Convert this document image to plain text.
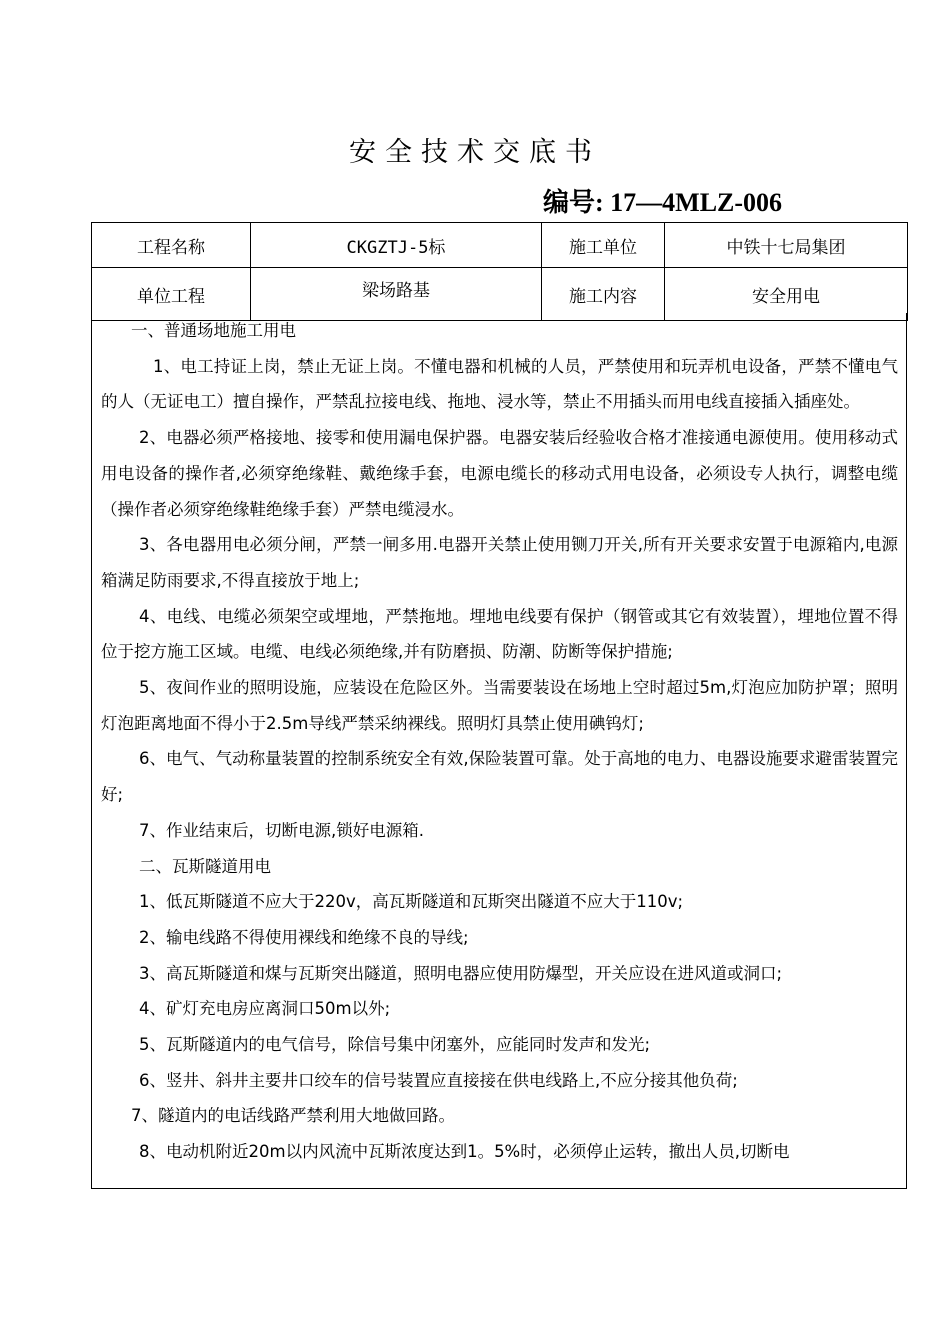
安全技术交底书
编号: 17—4MLZ-006
工程名称	CKGZTJ-5标	施工单位	中铁十七局集团
单位工程	梁场路基	施工内容	安全用电

一、普通场地施工用电

1、电工持证上岗，禁止无证上岗。不懂电器和机械的人员，严禁使用和玩弄机电设备，严禁不懂电气的人（无证电工）擅自操作，严禁乱拉接电线、拖地、浸水等，禁止不用插头而用电线直接插入插座处。

2、电器必须严格接地、接零和使用漏电保护器。电器安装后经验收合格才准接通电源使用。使用移动式用电设备的操作者,必须穿绝缘鞋、戴绝缘手套，电源电缆长的移动式用电设备，必须设专人执行，调整电缆（操作者必须穿绝缘鞋绝缘手套）严禁电缆浸水。

3、各电器用电必须分闸，严禁一闸多用.电器开关禁止使用铡刀开关,所有开关要求安置于电源箱内,电源箱满足防雨要求,不得直接放于地上;

4、电线、电缆必须架空或埋地，严禁拖地。埋地电线要有保护（钢管或其它有效装置），埋地位置不得位于挖方施工区域。电缆、电线必须绝缘,并有防磨损、防潮、防断等保护措施;

5、夜间作业的照明设施，应装设在危险区外。当需要装设在场地上空时超过5m,灯泡应加防护罩；照明灯泡距离地面不得小于2.5m导线严禁采纳裸线。照明灯具禁止使用碘钨灯;

6、电气、气动称量装置的控制系统安全有效,保险装置可靠。处于高地的电力、电器设施要求避雷装置完好;

7、作业结束后，切断电源,锁好电源箱.

二、瓦斯隧道用电

1、低瓦斯隧道不应大于220v，高瓦斯隧道和瓦斯突出隧道不应大于110v;

2、输电线路不得使用裸线和绝缘不良的导线;

3、高瓦斯隧道和煤与瓦斯突出隧道，照明电器应使用防爆型，开关应设在进风道或洞口;

4、矿灯充电房应离洞口50m以外;

5、瓦斯隧道内的电气信号，除信号集中闭塞外，应能同时发声和发光;

6、竖井、斜井主要井口绞车的信号装置应直接接在供电线路上,不应分接其他负荷;

7、隧道内的电话线路严禁利用大地做回路。

8、电动机附近20m以内风流中瓦斯浓度达到1。5%时，必须停止运转，撤出人员,切断电
